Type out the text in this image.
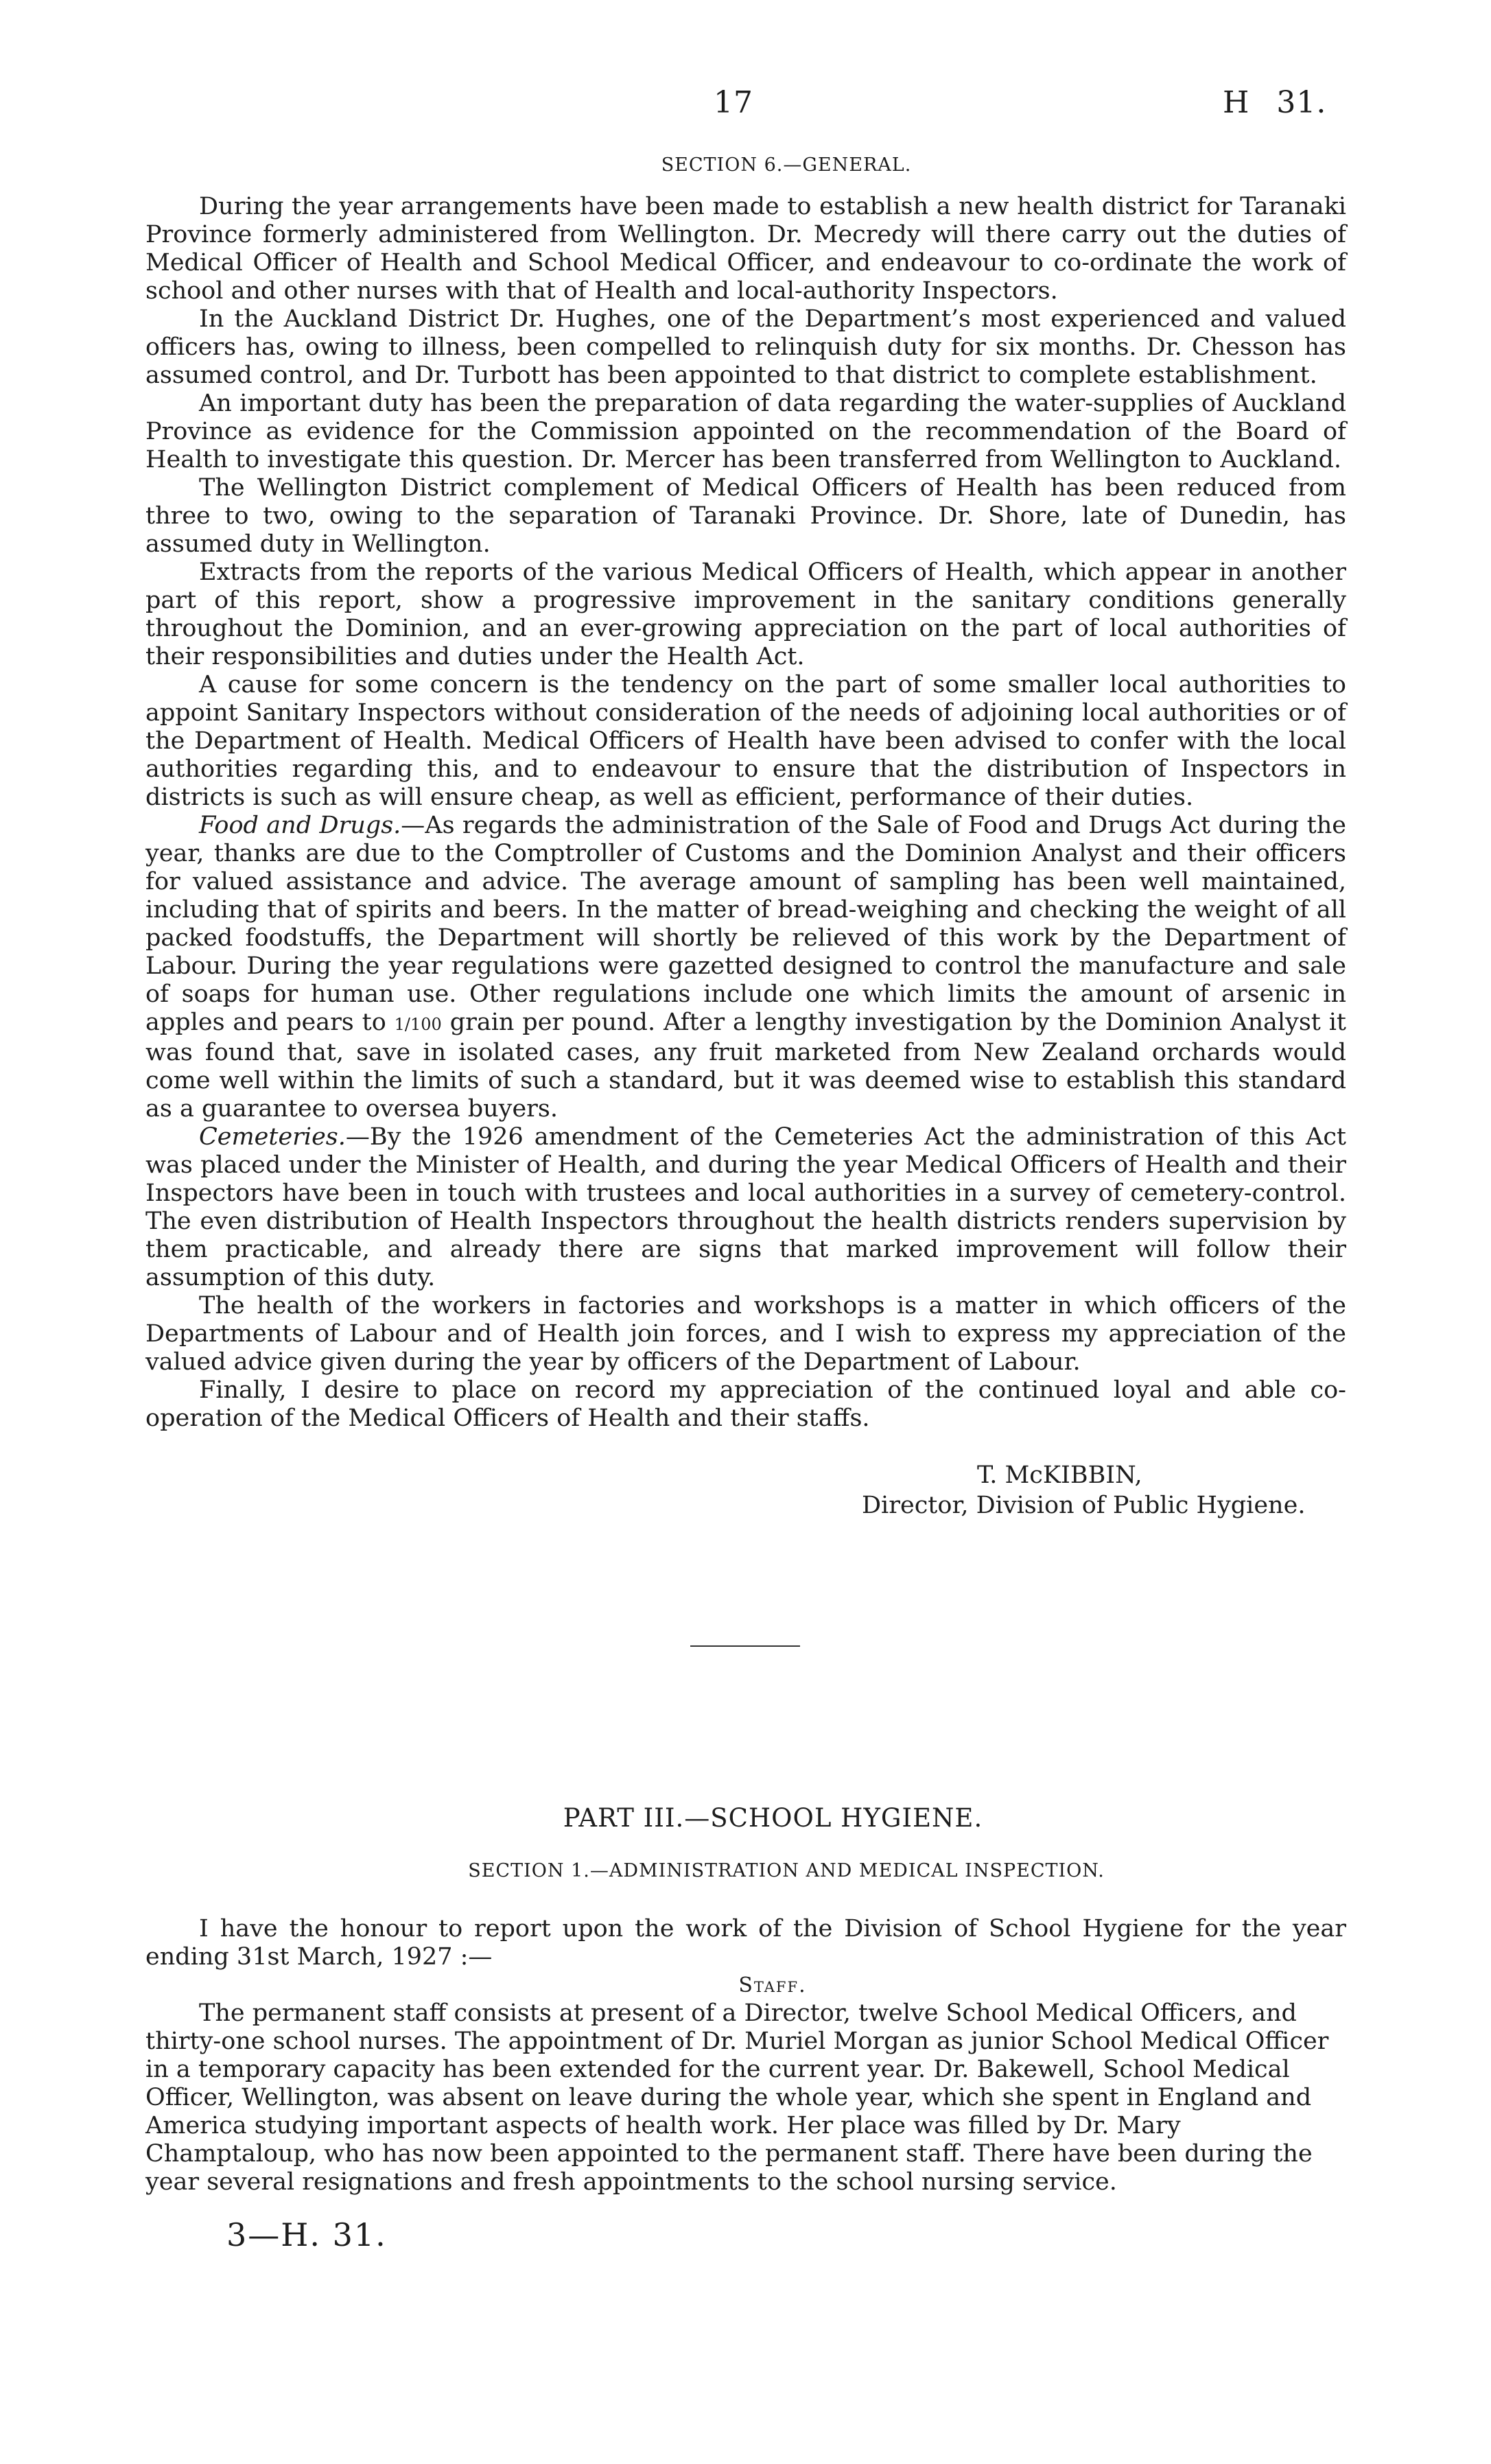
17	H 31.

SECTION 6.—GENERAL.

During the year arrangements have been made to establish a new health district for Taranaki Province formerly administered from Wellington. Dr. Mecredy will there carry out the duties of Medical Officer of Health and School Medical Officer, and endeavour to co-ordinate the work of school and other nurses with that of Health and local-authority Inspectors.

In the Auckland District Dr. Hughes, one of the Department’s most experienced and valued officers has, owing to illness, been compelled to relinquish duty for six months. Dr. Chesson has assumed control, and Dr. Turbott has been appointed to that district to complete establishment.

An important duty has been the preparation of data regarding the water-supplies of Auckland Province as evidence for the Commission appointed on the recommendation of the Board of Health to investigate this question. Dr. Mercer has been transferred from Wellington to Auckland.

The Wellington District complement of Medical Officers of Health has been reduced from three to two, owing to the separation of Taranaki Province. Dr. Shore, late of Dunedin, has assumed duty in Wellington.

Extracts from the reports of the various Medical Officers of Health, which appear in another part of this report, show a progressive improvement in the sanitary conditions generally throughout the Dominion, and an ever-growing appreciation on the part of local authorities of their responsibilities and duties under the Health Act.

A cause for some concern is the tendency on the part of some smaller local authorities to appoint Sanitary Inspectors without consideration of the needs of adjoining local authorities or of the Department of Health. Medical Officers of Health have been advised to confer with the local authorities regarding this, and to endeavour to ensure that the distribution of Inspectors in districts is such as will ensure cheap, as well as efficient, performance of their duties.

Food and Drugs.—As regards the administration of the Sale of Food and Drugs Act during the year, thanks are due to the Comptroller of Customs and the Dominion Analyst and their officers for valued assistance and advice. The average amount of sampling has been well maintained, including that of spirits and beers. In the matter of bread-weighing and checking the weight of all packed foodstuffs, the Department will shortly be relieved of this work by the Department of Labour. During the year regulations were gazetted designed to control the manufacture and sale of soaps for human use. Other regulations include one which limits the amount of arsenic in apples and pears to 1/100 grain per pound. After a lengthy investigation by the Dominion Analyst it was found that, save in isolated cases, any fruit marketed from New Zealand orchards would come well within the limits of such a standard, but it was deemed wise to establish this standard as a guarantee to oversea buyers.

Cemeteries.—By the 1926 amendment of the Cemeteries Act the administration of this Act was placed under the Minister of Health, and during the year Medical Officers of Health and their Inspectors have been in touch with trustees and local authorities in a survey of cemetery-control. The even distribution of Health Inspectors throughout the health districts renders supervision by them practicable, and already there are signs that marked improvement will follow their assumption of this duty.

The health of the workers in factories and workshops is a matter in which officers of the Departments of Labour and of Health join forces, and I wish to express my appreciation of the valued advice given during the year by officers of the Department of Labour.

Finally, I desire to place on record my appreciation of the continued loyal and able co-operation of the Medical Officers of Health and their staffs.

T. McKIBBIN,
Director, Division of Public Hygiene.
PART III.—SCHOOL HYGIENE.

SECTION 1.—ADMINISTRATION AND MEDICAL INSPECTION.

I have the honour to report upon the work of the Division of School Hygiene for the year ending 31st March, 1927 :—

Staff.

The permanent staff consists at present of a Director, twelve School Medical Officers, and thirty-one school nurses. The appointment of Dr. Muriel Morgan as junior School Medical Officer in a temporary capacity has been extended for the current year. Dr. Bakewell, School Medical Officer, Wellington, was absent on leave during the whole year, which she spent in England and America studying important aspects of health work. Her place was filled by Dr. Mary Champtaloup, who has now been appointed to the permanent staff. There have been during the year several resignations and fresh appointments to the school nursing service.

3—H. 31.
